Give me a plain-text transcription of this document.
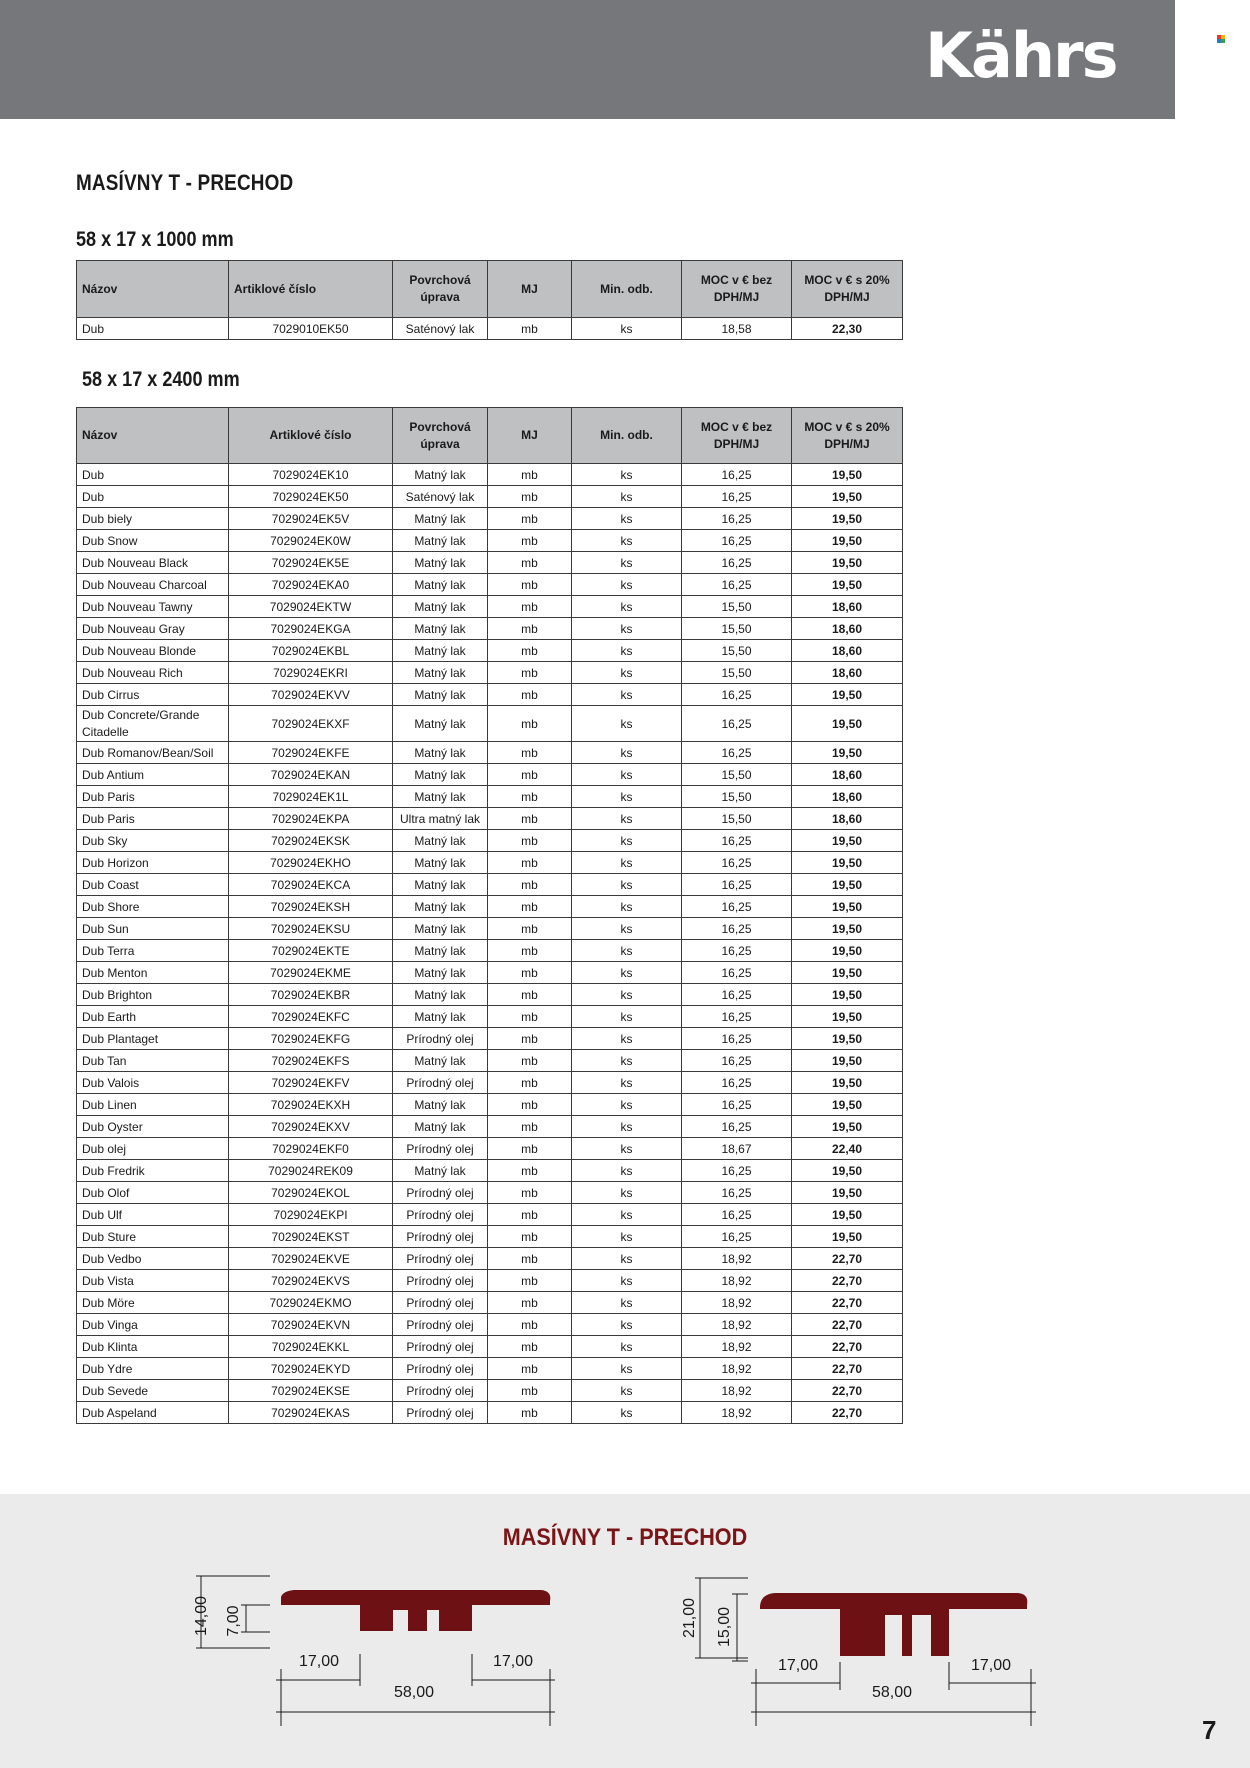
Kährs
MASÍVNY T - PRECHOD
58 x 17 x 1000 mm
Názov	Artiklové číslo	Povrchová úprava	MJ	Min. odb.	MOC v € bez DPH/MJ	MOC v € s 20% DPH/MJ
Dub	7029010EK50	Saténový lak	mb	ks	18,58	22,30
58 x 17 x 2400 mm
Názov	Artiklové číslo	Povrchová úprava	MJ	Min. odb.	MOC v € bez DPH/MJ	MOC v € s 20% DPH/MJ
Dub	7029024EK10	Matný lak	mb	ks	16,25	19,50
Dub	7029024EK50	Saténový lak	mb	ks	16,25	19,50
Dub biely	7029024EK5V	Matný lak	mb	ks	16,25	19,50
Dub Snow	7029024EK0W	Matný lak	mb	ks	16,25	19,50
Dub Nouveau Black	7029024EK5E	Matný lak	mb	ks	16,25	19,50
Dub Nouveau Charcoal	7029024EKA0	Matný lak	mb	ks	16,25	19,50
Dub Nouveau Tawny	7029024EKTW	Matný lak	mb	ks	15,50	18,60
Dub Nouveau Gray	7029024EKGA	Matný lak	mb	ks	15,50	18,60
Dub Nouveau Blonde	7029024EKBL	Matný lak	mb	ks	15,50	18,60
Dub Nouveau Rich	7029024EKRI	Matný lak	mb	ks	15,50	18,60
Dub Cirrus	7029024EKVV	Matný lak	mb	ks	16,25	19,50
Dub Concrete/Grande Citadelle	7029024EKXF	Matný lak	mb	ks	16,25	19,50
Dub Romanov/Bean/Soil	7029024EKFE	Matný lak	mb	ks	16,25	19,50
Dub Antium	7029024EKAN	Matný lak	mb	ks	15,50	18,60
Dub Paris	7029024EK1L	Matný lak	mb	ks	15,50	18,60
Dub Paris	7029024EKPA	Ultra matný lak	mb	ks	15,50	18,60
Dub Sky	7029024EKSK	Matný lak	mb	ks	16,25	19,50
Dub Horizon	7029024EKHO	Matný lak	mb	ks	16,25	19,50
Dub Coast	7029024EKCA	Matný lak	mb	ks	16,25	19,50
Dub Shore	7029024EKSH	Matný lak	mb	ks	16,25	19,50
Dub Sun	7029024EKSU	Matný lak	mb	ks	16,25	19,50
Dub Terra	7029024EKTE	Matný lak	mb	ks	16,25	19,50
Dub Menton	7029024EKME	Matný lak	mb	ks	16,25	19,50
Dub Brighton	7029024EKBR	Matný lak	mb	ks	16,25	19,50
Dub Earth	7029024EKFC	Matný lak	mb	ks	16,25	19,50
Dub Plantaget	7029024EKFG	Prírodný olej	mb	ks	16,25	19,50
Dub Tan	7029024EKFS	Matný lak	mb	ks	16,25	19,50
Dub Valois	7029024EKFV	Prírodný olej	mb	ks	16,25	19,50
Dub Linen	7029024EKXH	Matný lak	mb	ks	16,25	19,50
Dub Oyster	7029024EKXV	Matný lak	mb	ks	16,25	19,50
Dub olej	7029024EKF0	Prírodný olej	mb	ks	18,67	22,40
Dub Fredrik	7029024REK09	Matný lak	mb	ks	16,25	19,50
Dub Olof	7029024EKOL	Prírodný olej	mb	ks	16,25	19,50
Dub Ulf	7029024EKPI	Prírodný olej	mb	ks	16,25	19,50
Dub Sture	7029024EKST	Prírodný olej	mb	ks	16,25	19,50
Dub Vedbo	7029024EKVE	Prírodný olej	mb	ks	18,92	22,70
Dub Vista	7029024EKVS	Prírodný olej	mb	ks	18,92	22,70
Dub Möre	7029024EKMO	Prírodný olej	mb	ks	18,92	22,70
Dub Vinga	7029024EKVN	Prírodný olej	mb	ks	18,92	22,70
Dub Klinta	7029024EKKL	Prírodný olej	mb	ks	18,92	22,70
Dub Ydre	7029024EKYD	Prírodný olej	mb	ks	18,92	22,70
Dub Sevede	7029024EKSE	Prírodný olej	mb	ks	18,92	22,70
Dub Aspeland	7029024EKAS	Prírodný olej	mb	ks	18,92	22,70
MASÍVNY T - PRECHOD
14,00 7,00
17,00	17,00
58,00
21,00 15,00
17,00	17,00
58,00
7
